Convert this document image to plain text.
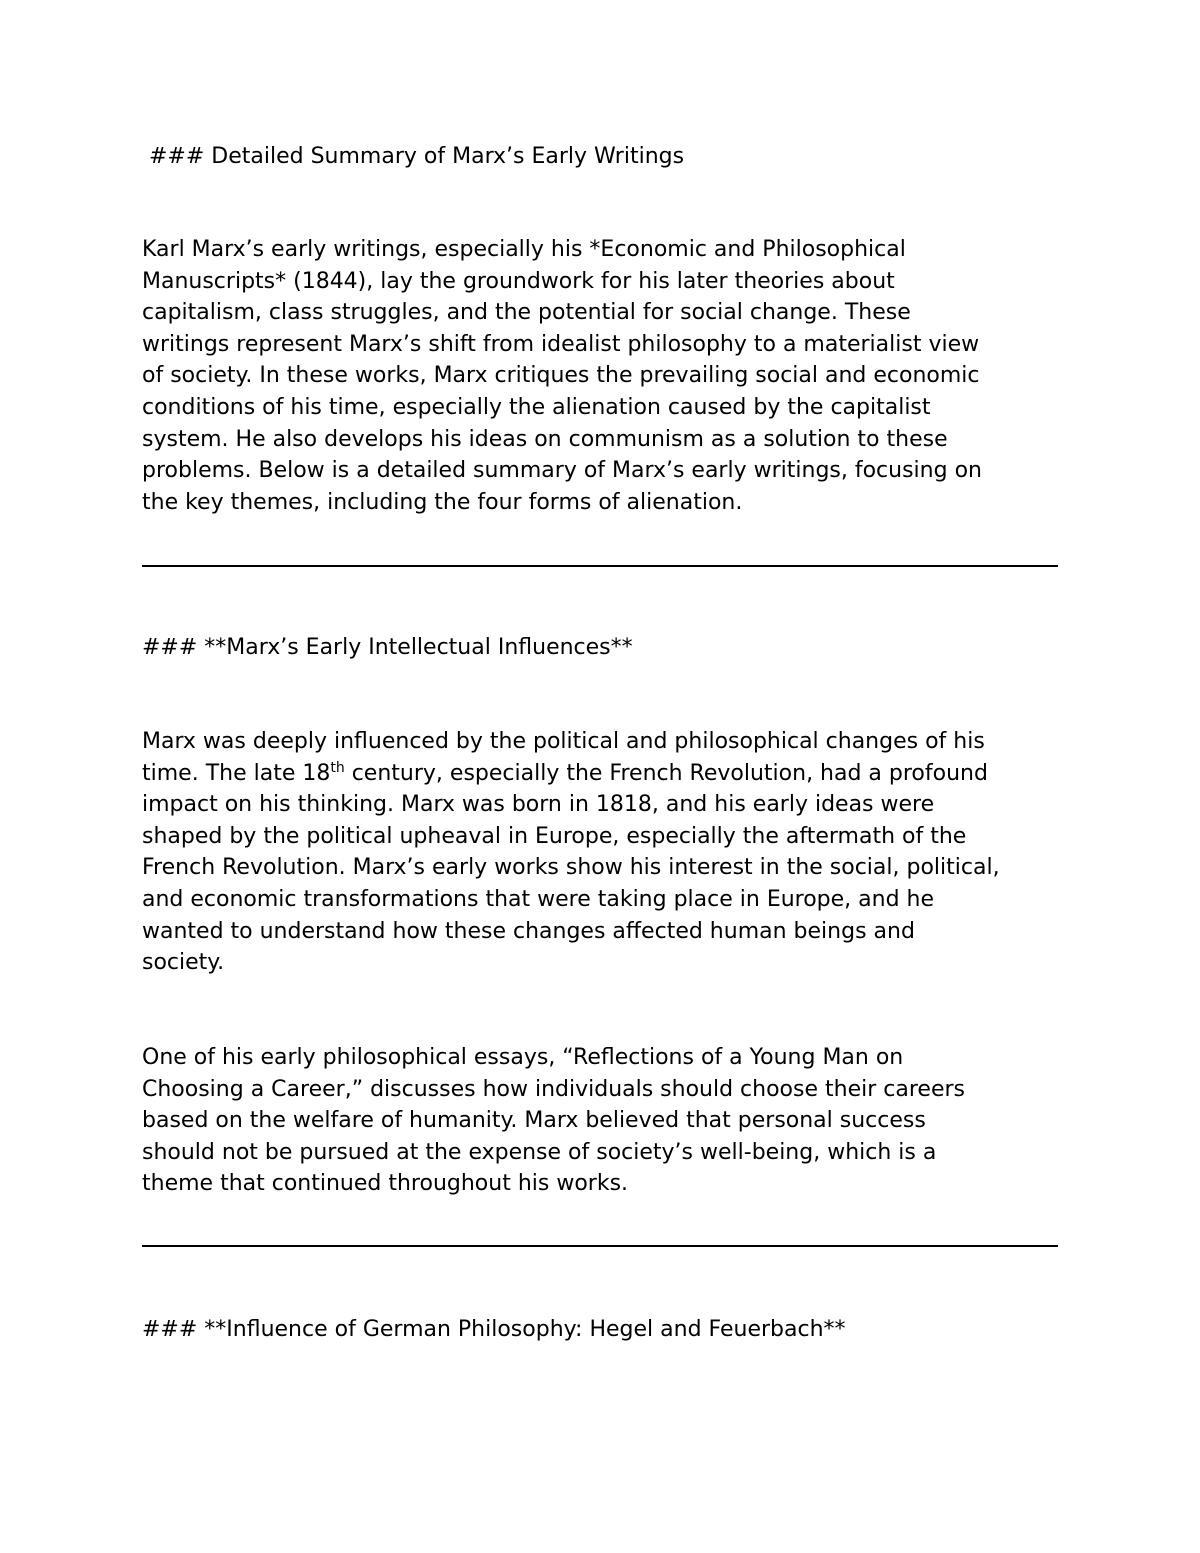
### Detailed Summary of Marx’s Early Writings

Karl Marx’s early writings, especially his *Economic and Philosophical
Manuscripts* (1844), lay the groundwork for his later theories about
capitalism, class struggles, and the potential for social change. These
writings represent Marx’s shift from idealist philosophy to a materialist view
of society. In these works, Marx critiques the prevailing social and economic
conditions of his time, especially the alienation caused by the capitalist
system. He also develops his ideas on communism as a solution to these
problems. Below is a detailed summary of Marx’s early writings, focusing on
the key themes, including the four forms of alienation.

### **Marx’s Early Intellectual Influences**

Marx was deeply influenced by the political and philosophical changes of his
time. The late 18th century, especially the French Revolution, had a profound
impact on his thinking. Marx was born in 1818, and his early ideas were
shaped by the political upheaval in Europe, especially the aftermath of the
French Revolution. Marx’s early works show his interest in the social, political,
and economic transformations that were taking place in Europe, and he
wanted to understand how these changes affected human beings and
society.

One of his early philosophical essays, “Reflections of a Young Man on
Choosing a Career,” discusses how individuals should choose their careers
based on the welfare of humanity. Marx believed that personal success
should not be pursued at the expense of society’s well-being, which is a
theme that continued throughout his works.

### **Influence of German Philosophy: Hegel and Feuerbach**
